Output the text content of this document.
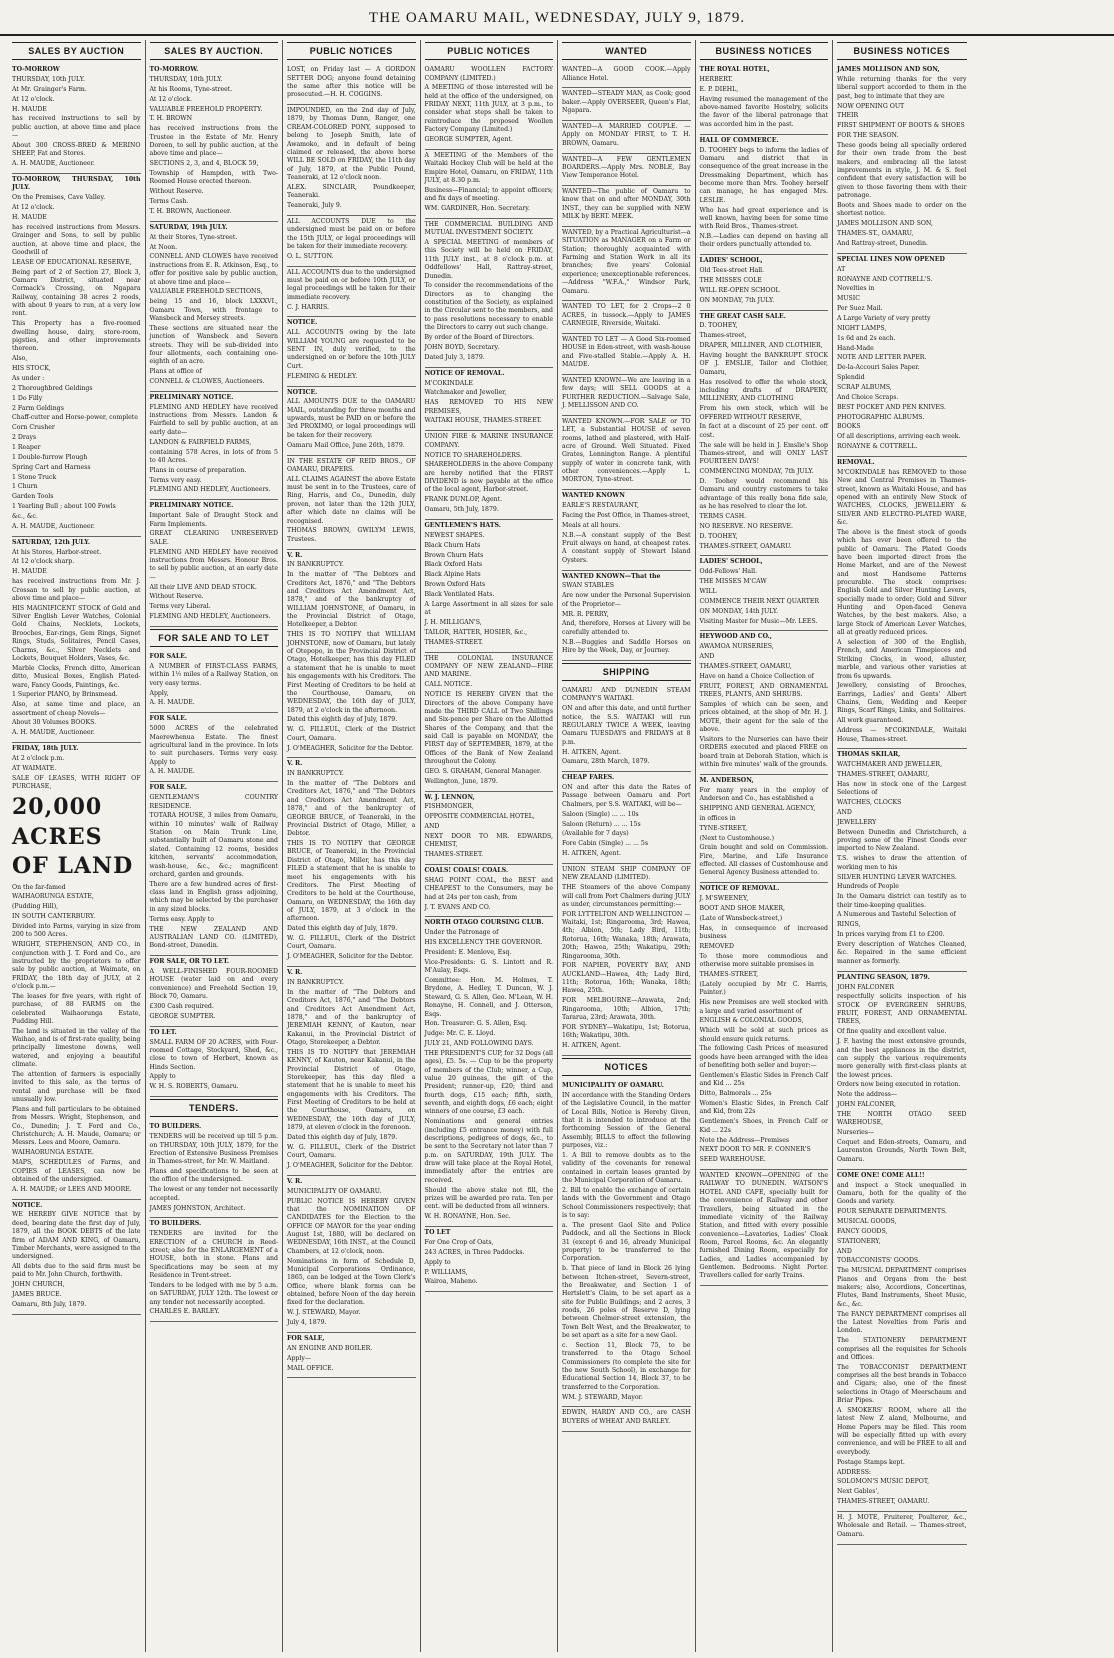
THE OAMARU MAIL, WEDNESDAY, JULY 9, 1879.
SALES BY AUCTION

TO-MORROW

THURSDAY, 10th JULY.

At Mr. Grainger's Farm.

At 12 o'clock.

H. MAUDE

has received instructions to sell by public auction, at above time and place—

About 300 CROSS-BRED & MERINO SHEEP, Fat and Stores.

A. H. MAUDE, Auctioneer.

TO-MORROW, THURSDAY, 10th JULY.

On the Premises, Cave Valley.

At 12 o'clock.

H. MAUDE

has received instructions from Messrs. Grainger and Sons, to sell by public auction, at above time and place, the Goodwill of

LEASE OF EDUCATIONAL RESERVE,

Being part of 2 of Section 27, Block 3, Oamaru District, situated near Cormack's Crossing, on Ngapara Railway, containing 38 acres 2 roods, with about 9 years to run, at a very low rent.

This Property has a five-roomed dwelling house, dairy, store-room, pigsties, and other improvements thereon.

Also,

HIS STOCK,

As under :

2 Thoroughbred Geldings

1 Do Filly

2 Farm Geldings

Chaff-cutter and Horse-power, complete

Corn Crusher

2 Drays

1 Reaper

1 Double-furrow Plough

Spring Cart and Harness

1 Stone Truck

1 Churn

Garden Tools

1 Yearling Bull ; about 100 Fowls

&c., &c.

A. H. MAUDE, Auctioneer.

SATURDAY, 12th JULY.

At his Stores, Harbor-street.

At 12 o'clock sharp.

H. MAUDE

has received instructions from Mr. J. Crossan to sell by public auction, at above time and place—

HIS MAGNIFICENT STOCK of Gold and Silver English Lever Watches, Colonial Gold Chains, Necklets, Lockets, Brooches, Ear-rings, Gem Rings, Signet Rings, Studs, Solitaires, Pencil Cases, Charms, &c., Silver Necklets and Lockets, Bouquet Holders, Vases, &c.

Marble Clocks, French ditto, American ditto, Musical Boxes, English Plated-ware, Fancy Goods, Paintings, &c.

1 Superior PIANO, by Brinsmead.

Also, at same time and place, an assortment of cheap Novels—

About 30 Volumes BOOKS.

A. H. MAUDE, Auctioneer.

FRIDAY, 18th JULY.

At 2 o'clock p.m.

AT WAIMATE.

SALE OF LEASES, WITH RIGHT OF PURCHASE,

20,000 ACRES OF LAND

On the far-famed

WAIHAORUNGA ESTATE,

(Pudding Hill),

IN SOUTH CANTERBURY.

Divided into Farms, varying in size from 200 to 500 Acres.

WRIGHT, STEPHENSON, AND CO., in conjunction with J. T. Ford and Co., are instructed by the proprietors to offer sale by public auction, at Waimate, on FRIDAY, the 18th day of JULY, at 2 o'clock p.m.—

The leases for five years, with right of purchase, of 88 FARMS on the celebrated Waihaorunga Estate, Pudding Hill.

The land is situated in the valley of the Waihao, and is of first-rate quality, being principally limestone downs, well watered, and enjoying a beautiful climate.

The attention of farmers is especially invited to this sale, as the terms of rental and purchase will be fixed unusually low.

Plans and full particulars to be obtained from Messrs. Wright, Stephenson, and Co., Dunedin; J. T. Ford and Co., Christchurch; A. H. Maude, Oamaru; or Messrs. Lees and Moore, Oamaru.

WAIHAORUNGA ESTATE.

MAPS, SCHEDULES of Farms, and COPIES of LEASES, can now be obtained of the undersigned.

A. H. MAUDE; or LEES AND MOORE.

NOTICE.

WE HEREBY GIVE NOTICE that by deed, bearing date the first day of July, 1879, all the BOOK DEBTS of the late firm of ADAM AND KING, of Oamaru, Timber Merchants, were assigned to the undersigned.

All debts due to the said firm must be paid to Mr. John Church, forthwith.

JOHN CHURCH,

JAMES BRUCE.

Oamaru, 8th July, 1879.

SALES BY AUCTION.

TO-MORROW.

THURSDAY, 10th JULY.

At his Rooms, Tyne-street.

At 12 o'clock.

VALUABLE FREEHOLD PROPERTY.

T. H. BROWN

has received instructions from the Trustee in the Estate of Mr. Henry Doreen, to sell by public auction, at the above time and place—

SECTIONS 2, 3, and 4, BLOCK 59,

Township of Hampden, with Two-Roomed House erected thereon.

Without Reserve.

Terms Cash.

T. H. BROWN, Auctioneer.

SATURDAY, 19th JULY.

At their Stores, Tyne-street.

At Noon.

CONNELL AND CLOWES have received instructions from E. R. Atkinson, Esq., to offer for positive sale by public auction, at above time and place—

VALUABLE FREEHOLD SECTIONS,

being 15 and 16, block LXXXVI., Oamaru Town, with frontage to Wansbeck and Mersey streets.

These sections are situated near the junction of Wansbeck and Severn streets. They will be sub-divided into four allotments, each containing one-eighth of an acre.

Plans at office of

CONNELL & CLOWES, Auctioneers.

PRELIMINARY NOTICE.

FLEMING AND HEDLEY have received instructions from Messrs. Landon & Fairfield to sell by public auction, at an early date—

LANDON & FAIRFIELD FARMS,

containing 578 Acres, in lots of from 5 to 40 Acres.

Plans in course of preparation.

Terms very easy.

FLEMING AND HEDLEY, Auctioneers.

PRELIMINARY NOTICE.

Important Sale of Draught Stock and Farm Implements.

GREAT CLEARING UNRESERVED SALE.

FLEMING AND HEDLEY have received instructions from Messrs. Honour Bros. to sell by public auction, at an early date—

All their LIVE AND DEAD STOCK.

Without Reserve.

Terms very Liberal.

FLEMING AND HEDLEY, Auctioneers.

FOR SALE AND TO LET

FOR SALE.

A NUMBER of FIRST-CLASS FARMS, within 1½ miles of a Railway Station, on very easy terms.

Apply,

A. H. MAUDE.

FOR SALE.

5000 ACRES of the celebrated Maerewhenua Estate. The finest agricultural land in the province. In lots to suit purchasers. Terms very easy. Apply to

A. H. MAUDE.

FOR SALE.

GENTLEMAN'S COUNTRY RESIDENCE.

TOTARA HOUSE, 3 miles from Oamaru, within 10 minutes' walk of Railway Station on Main Trunk Line, substantially built of Oamaru stone and slated. Containing 12 rooms, besides kitchen, servants' accommodation, wash-house, &c., &c.; magnificent orchard, garden and grounds.

There are a few hundred acres of first-class land in English grass adjoining, which may be selected by the purchaser in any sized blocks.

Terms easy. Apply to

THE NEW ZEALAND AND AUSTRALIAN LAND CO. (LIMITED), Bond-street, Dunedin.

FOR SALE, OR TO LET.

A WELL-FINISHED FOUR-ROOMED HOUSE (water laid on and every convenience) and Freehold Section 19, Block 70, Oamaru.

£300 Cash required.

GEORGE SUMPTER.

TO LET.

SMALL FARM OF 20 ACRES, with Four-roomed Cottage, Stockyard, Shed, &c., close to town of Herbert, known as Hinds Section.

Apply to

W. H. S. ROBERTS, Oamaru.

TENDERS.

TO BUILDERS.

TENDERS will be received up till 5 p.m. on THURSDAY, 10th JULY, 1879, for the Erection of Extensive Business Premises in Thames-street, for Mr. W. Maitland.

Plans and specifications to be seen at the office of the undersigned.

The lowest or any tender not necessarily accepted.

JAMES JOHNSTON, Architect.

TO BUILDERS.

TENDERS are invited for the ERECTION of a CHURCH in Reed-street; also for the ENLARGEMENT of a HOUSE, both in stone. Plans and Specifications may be seen at my Residence in Trent-street.

Tenders to be lodged with me by 5 a.m. on SATURDAY, JULY 12th. The lowest or any tender not necessarily accepted.

CHARLES E. BARLEY.

PUBLIC NOTICES

LOST, on Friday last — A GORDON SETTER DOG; anyone found detaining the same after this notice will be prosecuted.—H. H. COGGINS.

IMPOUNDED, on the 2nd day of July, 1879, by Thomas Dunn, Ranger, one CREAM-COLORED PONY, supposed to belong to Joseph Smith, late of Awamoko, and in default of being claimed or released, the above horse WILL BE SOLD on FRIDAY, the 11th day of July, 1879, at the Public Pound, Teaneraki, at 12 o'clock noon.

ALEX. SINCLAIR, Poundkeeper, Teaneraki.

Teaneraki, July 9.

ALL ACCOUNTS DUE to the undersigned must be paid on or before the 15th JULY, or legal proceedings will be taken for their immediate recovery.

O. L. SUTTON.

ALL ACCOUNTS due to the undersigned must be paid on or before 10th JULY, or legal proceedings will be taken for their immediate recovery.

C. J. HARRIS.

NOTICE.

ALL ACCOUNTS owing by the late WILLIAM YOUNG are requested to be SENT IN, duly verified, to the undersigned on or before the 10th JULY Curt.

FLEMING & HEDLEY.

NOTICE.

ALL AMOUNTS DUE to the OAMARU MAIL, outstanding for three months and upwards, must be PAID on or before the 3rd PROXIMO, or legal proceedings will be taken for their recovery.

Oamaru Mail Office, June 26th, 1879.

IN THE ESTATE OF REID BROS., OF OAMARU, DRAPERS.

ALL CLAIMS AGAINST the above Estate must be sent in to the Trustees, care of Ring, Harris, and Co., Dunedin, duly proven, not later than the 12th JULY, after which date no claims will be recognised.

THOMAS BROWN, GWILYM LEWIS, Trustees.

V. R.

IN BANKRUPTCY.

In the matter of "The Debtors and Creditors Act, 1876," and "The Debtors and Creditors Act Amendment Act, 1878," and of the bankruptcy of WILLIAM JOHNSTONE, of Oamaru, in the Provincial District of Otago, Hotelkeeper, a Debtor.

THIS IS TO NOTIFY that WILLIAM JOHNSTONE, now of Oamaru, but lately of Otepopo, in the Provincial District of Otago, Hotelkeeper, has this day FILED a statement that he is unable to meet his engagements with his Creditors. The First Meeting of Creditors to be held at the Courthouse, Oamaru, on WEDNESDAY, the 16th day of JULY, 1879, at 2 o'clock in the afternoon.

Dated this eighth day of July, 1879.

W. G. FILLEUL, Clerk of the District Court, Oamaru.

J. O'MEAGHER, Solicitor for the Debtor.

V. R.

IN BANKRUPTCY.

In the matter of "The Debtors and Creditors Act, 1876," and "The Debtors and Creditors Act Amendment Act, 1878," and of the bankruptcy of GEORGE BRUCE, of Teaneraki, in the Provincial District of Otago, Miller, a Debtor.

THIS IS TO NOTIFY that GEORGE BRUCE, of Teaneraki, in the Provincial District of Otago, Miller, has this day FILED a statement that he is unable to meet his engagements with his Creditors. The First Meeting of Creditors to be held at the Courthouse, Oamaru, on WEDNESDAY, the 16th day of JULY, 1879, at 3 o'clock in the afternoon.

Dated this eighth day of July, 1879.

W. G. FILLEUL, Clerk of the District Court, Oamaru.

J. O'MEAGHER, Solicitor for the Debtor.

V. R.

IN BANKRUPTCY.

In the matter of "The Debtors and Creditors Act, 1876," and "The Debtors and Creditors Act Amendment Act, 1878," and of the bankruptcy of JEREMIAH KENNY, of Kauton, near Kakanui, in the Provincial District of Otago, Storekeeper, a Debtor.

THIS IS TO NOTIFY that JEREMIAH KENNY, of Kauton, near Kakanui, in the Provincial District of Otago, Storekeeper, has this day filed a statement that he is unable to meet his engagements with his Creditors. The First Meeting of Creditors to be held at the Courthouse, Oamaru, on WEDNESDAY, the 16th day of JULY, 1879, at eleven o'clock in the forenoon.

Dated this eighth day of July, 1879.

W. G. FILLEUL, Clerk of the District Court, Oamaru.

J. O'MEAGHER, Solicitor for the Debtor.

V. R.

MUNICIPALITY OF OAMARU.

PUBLIC NOTICE IS HEREBY GIVEN that the NOMINATION OF CANDIDATES for the Election to the OFFICE OF MAYOR for the year ending August 1st, 1880, will be declared on WEDNESDAY, 16th INST., at the Council Chambers, at 12 o'clock, noon.

Nominations in form of Schedule D, Municipal Corporations Ordinance, 1865, can be lodged at the Town Clerk's Office, where blank forms can be obtained, before Noon of the day herein fixed for the declaration.

W. J. STEWARD, Mayor.

July 4, 1879.

FOR SALE,

AN ENGINE AND BOILER.

Apply—

MAIL OFFICE.

PUBLIC NOTICES

OAMARU WOOLLEN FACTORY COMPANY (LIMITED.)

A MEETING of those interested will be held at the office of the undersigned, on FRIDAY NEXT, 11th JULY, at 3 p.m., to consider what steps shall be taken to reintroduce the proposed Woollen Factory Company (Limited.)

GEORGE SUMPTER, Agent.

A MEETING of the Members of the Waitaki Hockey Club will be held at the Empire Hotel, Oamaru, on FRIDAY, 11th JULY, at 8.30 p.m.

Business—Financial; to appoint officers; and fix days of meeting.

WM. GARDINER, Hon. Secretary.

THE COMMERCIAL BUILDING AND MUTUAL INVESTMENT SOCIETY.

A SPECIAL MEETING of members of this Society will be held on FRIDAY, 11th JULY inst., at 8 o'clock p.m. at Oddfellows' Hall, Rattray-street, Dunedin.

To consider the recommendations of the Directors as to changing the constitution of the Society, as explained in the Circular sent to the members, and to pass resolutions necessary to enable the Directors to carry out such change.

By order of the Board of Directors.

JOHN BOYD, Secretary.

Dated July 3, 1879.

NOTICE OF REMOVAL.

M'COKINDALE

Watchmaker and Jeweller,

HAS REMOVED TO HIS NEW PREMISES,

WAITAKI HOUSE, THAMES-STREET.

UNION FIRE & MARINE INSURANCE COMPANY.

NOTICE TO SHAREHOLDERS.

SHAREHOLDERS in the above Company are hereby notified that the FIRST DIVIDEND is now payable at the office of the local agent, Harbor-street.

FRANK DUNLOP, Agent.

Oamaru, 5th July, 1879.

GENTLEMEN'S HATS.

NEWEST SHAPES.

Black Churn Hats

Brown Churn Hats

Black Oxford Hats

Black Alpine Hats

Brown Oxford Hats

Black Ventilated Hats.

A Large Assortment in all sizes for sale at

J. H. MILLIGAN'S,

TAILOR, HATTER, HOSIER, &c.,

THAMES-STREET.

THE COLONIAL INSURANCE COMPANY OF NEW ZEALAND—FIRE AND MARINE.

CALL NOTICE.

NOTICE IS HEREBY GIVEN that the Directors of the above Company have made the THIRD CALL of Two Shillings and Six-pence per Share on the Allotted Shares of the Company, and that the said Call is payable on MONDAY, the FIRST day of SEPTEMBER, 1879, at the Offices of the Bank of New Zealand throughout the Colony.

GEO. S. GRAHAM, General Manager.

Wellington, June, 1879.

W. J. LENNON,

FISHMONGER,

OPPOSITE COMMERCIAL HOTEL,

AND

NEXT DOOR TO MR. EDWARDS, CHEMIST,

THAMES-STREET.

COALS! COALS! COALS.

SHAG POINT COAL, the BEST and CHEAPEST to the Consumers, may be had at 24s per ton cash, from

J. T. EVANS AND CO.

NORTH OTAGO COURSING CLUB.

Under the Patronage of

HIS EXCELLENCY THE GOVERNOR.

President: E. Menlove, Esq.

Vice-Presidents: G. S. Lintott and R. M'Aulay, Esqs.

Committee: Hon. M. Holmes, T. Brydone, A. Hedley, T. Duncan, W. J. Steward, G. S. Allen, Geo. M'Lean, W. H. Ronayne, H. Connell, and J. Otterson, Esqs.

Hon. Treasurer: G. S. Allen, Esq.

Judge: Mr. C. E. Lloyd.

JULY 21, AND FOLLOWING DAYS.

THE PRESIDENT'S CUP, for 32 Dogs (all ages), £5. 5s. — Cup to be the property of members of the Club; winner, a Cup, value 20 guineas, the gift of the President; runner-up, £20; third and fourth dogs, £15 each; fifth, sixth, seventh, and eighth dogs, £6 each; eight winners of one course, £3 each.

Nominations and general entries (including £5 entrance money) with full descriptions, pedigrees of dogs, &c., to be sent to the Secretary not later than 7 p.m. on SATURDAY, 19th JULY. The draw will take place at the Royal Hotel, immediately after the entries are received.

Should the above stake not fill, the prizes will be awarded pro rata. Ten per cent. will be deducted from all winners.

W. H. RONAYNE, Hon. Sec.

TO LET

For One Crop of Oats,

243 ACRES, in Three Paddocks.

Apply to

P. WILLIAMS,

Wairoa, Maheno.

WANTED

WANTED—A GOOD COOK.—Apply Alliance Hotel.

WANTED—STEADY MAN, as Cook; good baker.—Apply OVERSEER, Queen's Flat, Ngapara.

WANTED—A MARRIED COUPLE. —Apply on MONDAY FIRST, to T. H. BROWN, Oamaru.

WANTED—A FEW GENTLEMEN BOARDERS.—Apply Mrs. NOBLE, Bay View Temperance Hotel.

WANTED—The public of Oamaru to know that on and after MONDAY, 30th INST., they can be supplied with NEW MILK by BERT. MEEK.

WANTED, by a Practical Agriculturist—a SITUATION as MANAGER on a Farm or Station; thoroughly acquainted with Farming and Station Work in all its branches; five years' Colonial experience; unexceptionable references.—Address "W.F.A.," Windsor Park, Oamaru.

WANTED TO LET, for 2 Crops—2 0 ACRES, in tussock.—Apply to JAMES CARNEGIE, Riverside, Waitaki.

WANTED TO LET — A Good Six-roomed HOUSE in Eden-street, with wash-house and Five-stalled Stable.—Apply A. H. MAUDE.

WANTED KNOWN—We are leaving in a few days; will SELL GOODS at a FURTHER REDUCTION.—Salvage Sale, J. MELLISSON AND CO.

WANTED KNOWN.—FOR SALE or TO LET, a Substantial HOUSE of seven rooms, lathed and plastered, with Half-acre of Ground. Well Situated. Fixed Grates, Lennington Range. A plentiful supply of water in concrete tank, with other conveniences.—Apply L. MORTON, Tyne-street.

WANTED KNOWN

EARLE'S RESTAURANT,

Facing the Post Office, in Thames-street,

Meals at all hours.

N.B.—A constant supply of the Best Fruit always on hand, at cheapest rates. A constant supply of Stewart Island Oysters.

WANTED KNOWN—That the

SWAN STABLES

Are now under the Personal Supervision of the Proprietor—

MR. R. PERRY,

And, therefore, Horses at Livery will be carefully attended to.

N.B.—Buggies and Saddle Horses on Hire by the Week, Day, or Journey.

SHIPPING

OAMARU AND DUNEDIN STEAM COMPANY'S WAITAKI.

ON and after this date, and until further notice, the S.S. WAITAKI will run REGULARLY TWICE A WEEK, leaving Oamaru TUESDAYS and FRIDAYS at 8 p.m.

H. AITKEN, Agent.

Oamaru, 28th March, 1879.

CHEAP FARES.

ON and after this date the Rates of Passage between Oamaru and Port Chalmers, per S.S. WAITAKI, will be—

Saloon (Single) ... ... 10s

Saloon (Return) ... ... 15s

(Available for 7 days)

Fore Cabin (Single) ... ... 5s

H. AITKEN, Agent.

UNION STEAM SHIP COMPANY OF NEW ZEALAND (LIMITED).

THE Steamers of the above Company will call from Port Chalmers during JULY as under, circumstances permitting:—

FOR LYTTELTON AND WELLINGTON —Waitaki, 1st; Ringarooma, 3rd; Hawea, 4th; Albion, 5th; Lady Bird, 11th; Rotorua, 16th; Wanaka, 18th; Arawata, 20th; Hawea, 25th; Wakatipu, 29th; Ringarooma, 30th.

FOR NAPIER, POVERTY BAY, AND AUCKLAND—Hawea, 4th; Lady Bird, 11th; Rotorua, 16th; Wanaka, 18th; Hawea, 25th.

FOR MELBOURNE—Arawata, 2nd; Ringarooma, 10th; Albion, 17th; Tararua, 23rd; Arawata, 30th.

FOR SYDNEY—Wakatipu, 1st; Rotorua, 16th; Wakatipu, 30th.

H. AITKEN, Agent.

NOTICES

MUNICIPALITY OF OAMARU.

IN accordance with the Standing Orders of the Legislative Council, in the matter of Local Bills, Notice is Hereby Given, that it is intended to introduce at the forthcoming Session of the General Assembly, BILLS to effect the following purposes, viz.:

1. A Bill to remove doubts as to the validity of the covenants for renewal contained in certain leases granted by the Municipal Corporation of Oamaru.

2. Bill to enable the exchange of certain lands with the Government and Otago School Commissioners respectively; that is to say:

a. The present Gaol Site and Police Paddock, and all the Sections in Block 31 (except 6 and 16, already Municipal property) to be transferred to the Corporation.

b. That piece of land in Block 26 lying between Itchen-street, Severn-street, the Breakwater, and Section 1 of Hertslett's Claim, to be set apart as a site for Public Buildings; and 2 acres, 3 roods, 26 poles of Reserve D, lying between Chelmer-street extension, the Town Belt West, and the Breakwater, to be set apart as a site for a new Gaol.

c. Section 11, Block 75, to be transferred to the Otago School Commissioners (to complete the site for the new South School), in exchange for Educational Section 14, Block 37, to be transferred to the Corporation.

WM. J. STEWARD, Mayor.

EDWIN, HARDY AND CO., are CASH BUYERS of WHEAT AND BARLEY.

BUSINESS NOTICES

THE ROYAL HOTEL,

HERBERT.

E. P. DIEHL,

Having resumed the management of the above-named favorite Hostelry, solicits the favor of the liberal patronage that was accorded him in the past.

HALL OF COMMERCE.

D. TOOHEY begs to inform the ladies of Oamaru and district that in consequence of the great increase in the Dressmaking Department, which has become more than Mrs. Toohey herself can manage, he has engaged Mrs. LESLIE.

Who has had great experience and is well known, having been for some time with Reid Bros., Thames-street.

N.B.—Ladies can depend on having all their orders punctually attended to.

LADIES' SCHOOL,

Old Tees-street Hall.

THE MISSES COLE

WILL RE-OPEN SCHOOL

ON MONDAY, 7th JULY.

THE GREAT CASH SALE.

D. TOOHEY,

Thames-street,

DRAPER, MILLINER, AND CLOTHIER,

Having bought the BANKRUPT STOCK OF J. EMSLIE, Tailor and Clothier, Oamaru,

Has resolved to offer the whole stock, including drafts of DRAPERY, MILLINERY, AND CLOTHING

From his own stock, which will be OFFERED WITHOUT RESERVE,

In fact at a discount of 25 per cent. off cost.

The sale will be held in J. Emslie's Shop Thames-street, and will ONLY LAST FOURTEEN DAYS!

COMMENCING MONDAY, 7th JULY.

D. Toohey would recommend his Oamaru and country customers to take advantage of this really bona fide sale, as he has resolved to clear the lot.

TERMS CASH.

NO RESERVE. NO RESERVE.

D. TOOHEY,

THAMES-STREET, OAMARU.

LADIES' SCHOOL,

Odd-Fellows' Hall.

THE MISSES M'CAW

WILL

COMMENCE THEIR NEXT QUARTER

ON MONDAY, 14th JULY.

Visiting Master for Music—Mr. LEES.

HEYWOOD AND CO.,

AWAMOA NURSERIES,

AND

THAMES-STREET, OAMARU,

Have on hand a Choice Collection of

FRUIT, FOREST, AND ORNAMENTAL TREES, PLANTS, AND SHRUBS.

Samples of which can be seen, and prices obtained, at the shop of Mr. H. J. MOTE, their agent for the sale of the above.

Visitors to the Nurseries can have their ORDERS executed and placed FREE on board train at Deborah Station, which is within five minutes' walk of the grounds.

M. ANDERSON,

For many years in the employ of Anderson and Co., has established a

SHIPPING AND GENERAL AGENCY,

in offices in

TYNE-STREET,

(Next to Customhouse.)

Grain bought and sold on Commission. Fire, Marine, and Life Insurance effected. All classes of Customhouse and General Agency Business attended to.

NOTICE OF REMOVAL.

J. M'SWEENEY,

BOOT AND SHOE MAKER,

(Late of Wansbeck-street,)

Has, in consequence of increased business

REMOVED

To those more commodious and otherwise more suitable premises in

THAMES-STREET,

(Lately occupied by Mr C. Harris, Painter.)

His new Premises are well stocked with a large and varied assortment of

ENGLISH & COLONIAL GOODS,

Which will be sold at such prices as should ensure quick returns.

The following Cash Prices of measured goods have been arranged with the idea of benefiting both seller and buyer:—

Gentlemen's Elastic Sides in French Calf and Kid ... 25s

Ditto, Balmorals ... 25s

Women's Elastic Sides, in French Calf and Kid, from 22s

Gentlemen's Shoes, in French Calf or Kid ... 22s

Note the Address—Premises

NEXT DOOR TO MR. F. CONNER'S

SEED WAREHOUSE.

WANTED KNOWN—OPENING of the RAILWAY TO DUNEDIN. WATSON'S HOTEL AND CAFE, specially built for the convenience of Railway and other Travellers, being situated in the immediate vicinity of the Railway Station, and fitted with every possible convenience—Lavatories, Ladies' Cloak Room, Parcel Rooms, &c. An elegantly furnished Dining Room, especially for Ladies, and Ladies accompanied by Gentlemen. Bedrooms. Night Porter. Travellers called for early Trains.

BUSINESS NOTICES

JAMES MOLLISON AND SON,

While returning thanks for the very liberal support accorded to them in the past, beg to intimate that they are

NOW OPENING OUT

THEIR

FIRST SHIPMENT OF BOOTS & SHOES

FOR THE SEASON.

These goods being all specially ordered for their own trade from the best makers, and embracing all the latest improvements in style, J. M. & S. feel confident that every satisfaction will be given to those favoring them with their patronage.

Boots and Shoes made to order on the shortest notice.

JAMES MOLLISON AND SON,

THAMES-ST., OAMARU,

And Rattray-street, Dunedin.

SPECIAL LINES NOW OPENED

AT

RONAYNE AND COTTRELL'S.

Novelties in

MUSIC

Per Suez Mail.

A Large Variety of very pretty

NIGHT LAMPS,

1s 6d and 2s each.

Hand-Made

NOTE AND LETTER PAPER.

De-la-Accouri Sales Paper.

Splendid

SCRAP ALBUMS,

And Choice Scraps.

BEST POCKET AND PEN KNIVES.

PHOTOGRAPHIC ALBUMS.

BOOKS

Of all descriptions, arriving each week.

RONAYNE & COTTRELL.

REMOVAL.

M'COKINDALE has REMOVED to those New and Central Premises in Thames-street, known as Waitaki House, and has opened with an entirely New Stock of WATCHES, CLOCKS, JEWELLERY & SILVER AND ELECTRO-PLATED WARE, &c.

The above is the finest stock of goods which has ever been offered to the public of Oamaru. The Plated Goods have been imported direct from the Home Market, and are of the Newest and most Handsome Patterns procurable. The stock comprises: English Gold and Silver Hunting Levers, specially made to order; Gold and Silver Hunting and Open-faced Geneva Watches, by the best makers. Also, a large Stock of American Lever Watches, all at greatly reduced prices.

A selection of 300 of the English, French, and American Timepieces and Striking Clocks, in wood, alluster, marble, and various other varieties at from 6s upwards.

Jewellery, consisting of Brooches, Earrings, Ladies' and Gents' Albert Chains, Gem, Wedding and Keeper Rings, Scarf Rings, Links, and Solitaires.

All work guaranteed.

Address — M'COKINDALE, Waitaki House, Thames-street.

THOMAS SKILAR,

WATCHMAKER AND JEWELLER,

THAMES-STREET, OAMARU,

Has now in stock one of the Largest Selections of

WATCHES, CLOCKS

AND

JEWELLERY

Between Dunedin and Christchurch, a proving some of the Finest Goods ever imported to New Zealand.

T.S. wishes to draw the attention of working men to his

SILVER HUNTING LEVER WATCHES.

Hundreds of People

In the Oamaru district can testify as to their time-keeping qualities.

A Numerous and Tasteful Selection of

RINGS,

In prices varying from £1 to £200.

Every description of Watches Cleaned, &c. Repaired in the same efficient manner as formerly.

PLANTING SEASON, 1879.

JOHN FALCONER

respectfully solicits inspection of his STOCK OF EVERGREEN SHRUBS, FRUIT, FOREST, AND ORNAMENTAL TREES,

Of fine quality and excellent value.

J. F. having the most extensive grounds, and the best appliances in the district, can supply the various requirements more generally with first-class plants at the lowest prices.

Orders now being executed in rotation.

Note the address—

JOHN FALCONER,

THE NORTH OTAGO SEED WAREHOUSE,

Nurseries—

Coquet and Eden-streets, Oamaru, and Laurenston Grounds, North Town Belt, Oamaru.

COME ONE! COME ALL!!

and inspect a Stock unequalled in Oamaru, both for the quality of the Goods and variety.

FOUR SEPARATE DEPARTMENTS.

MUSICAL GOODS,

FANCY GOODS,

STATIONERY,

AND

TOBACCONISTS' GOODS.

The MUSICAL DEPARTMENT comprises Pianos and Organs from the best makers; also, Accordions, Concertinas, Flutes, Band Instruments, Sheet Music, &c., &c.

The FANCY DEPARTMENT comprises all the Latest Novelties from Paris and London.

The STATIONERY DEPARTMENT comprises all the requisites for Schools and Offices.

The TOBACCONIST DEPARTMENT comprises all the best brands in Tobacco and Cigars; also, one of the finest selections in Otago of Meerschaum and Briar Pipes.

A SMOKERS' ROOM, where all the latest New Z aland, Melbourne, and Home Papers may be filed. This room will be especially fitted up with every convenience, and will be FREE to all and everybody.

Postage Stamps kept.

ADDRESS:

SOLOMON'S MUSIC DEPOT,

Next Gables',

THAMES-STREET, OAMARU.

H. J. MOTE, Fruiterer, Poulterer, &c., Wholesale and Retail. — Thames-street, Oamaru.
